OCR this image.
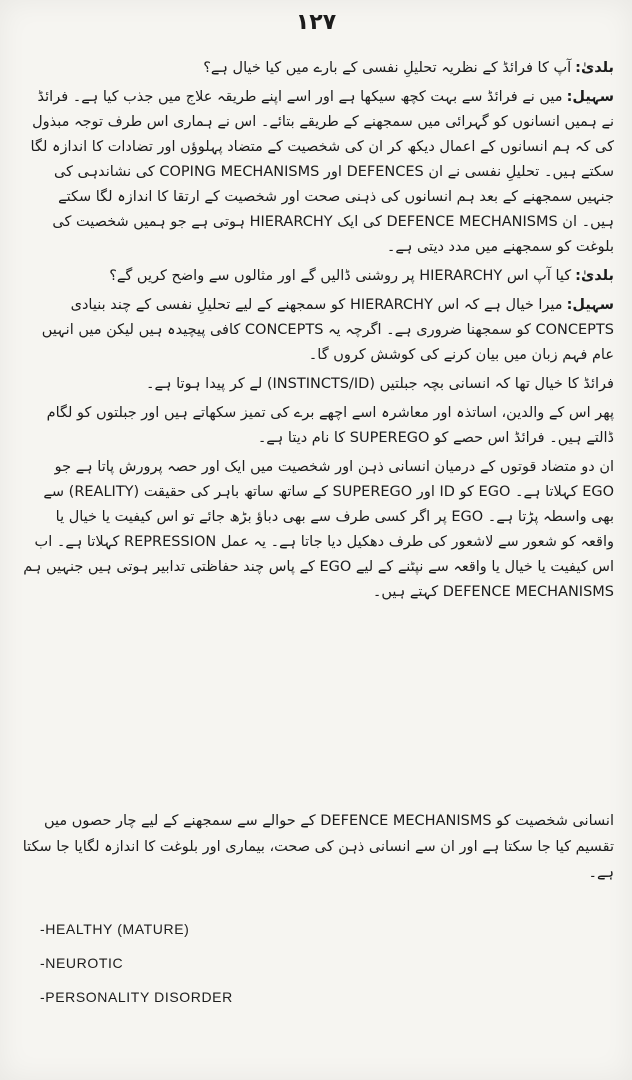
۱۲۷

بلدیٰ:آپ کا فرائڈ کے نظریہ تحلیلِ نفسی کے بارے میں کیا خیال ہے؟

سہیل:میں نے فرائڈ سے بہت کچھ سیکھا ہے اور اسے اپنے طریقہ علاج میں جذب کیا ہے۔ فرائڈ نے ہمیں انسانوں کو گہرائی میں سمجھنے کے طریقے بتائے۔ اس نے ہماری اس طرف توجہ مبذول کی کہ ہم انسانوں کے اعمال دیکھ کر ان کی شخصیت کے متضاد پہلوؤں اور تضادات کا اندازہ لگا سکتے ہیں۔ تحلیلِ نفسی نے ان DEFENCES اور COPING MECHANISMS کی نشاندہی کی جنہیں سمجھنے کے بعد ہم انسانوں کی ذہنی صحت اور شخصیت کے ارتقا کا اندازہ لگا سکتے ہیں۔ ان DEFENCE MECHANISMS کی ایک HIERARCHY ہوتی ہے جو ہمیں شخصیت کی بلوغت کو سمجھنے میں مدد دیتی ہے۔

بلدیٰ:کیا آپ اس HIERARCHY پر روشنی ڈالیں گے اور مثالوں سے واضح کریں گے؟

سہیل:میرا خیال ہے کہ اس HIERARCHY کو سمجھنے کے لیے تحلیلِ نفسی کے چند بنیادی CONCEPTS کو سمجھنا ضروری ہے۔ اگرچہ یہ CONCEPTS کافی پیچیدہ ہیں لیکن میں انہیں عام فہم زبان میں بیان کرنے کی کوشش کروں گا۔

فرائڈ کا خیال تھا کہ انسانی بچہ جبلتیں (INSTINCTS/ID) لے کر پیدا ہوتا ہے۔

پھر اس کے والدین، اساتذہ اور معاشرہ اسے اچھے برے کی تمیز سکھاتے ہیں اور جبلتوں کو لگام ڈالتے ہیں۔ فرائڈ اس حصے کو SUPEREGO کا نام دیتا ہے۔

ان دو متضاد قوتوں کے درمیان انسانی ذہن اور شخصیت میں ایک اور حصہ پرورش پاتا ہے جو EGO کہلاتا ہے۔ EGO کو ID اور SUPEREGO کے ساتھ ساتھ باہر کی حقیقت (REALITY) سے بھی واسطہ پڑتا ہے۔ EGO پر اگر کسی طرف سے بھی دباؤ بڑھ جائے تو اس کیفیت یا خیال یا واقعہ کو شعور سے لاشعور کی طرف دھکیل دیا جاتا ہے۔ یہ عمل REPRESSION کہلاتا ہے۔ اب اس کیفیت یا خیال یا واقعہ سے نپٹنے کے لیے EGO کے پاس چند حفاظتی تدابیر ہوتی ہیں جنہیں ہم DEFENCE MECHANISMS کہتے ہیں۔

انسانی شخصیت کو DEFENCE MECHANISMS کے حوالے سے سمجھنے کے لیے چار حصوں میں تقسیم کیا جا سکتا ہے اور ان سے انسانی ذہن کی صحت، بیماری اور بلوغت کا اندازہ لگایا جا سکتا ہے۔

-HEALTHY (MATURE)
-NEUROTIC
-PERSONALITY DISORDER
